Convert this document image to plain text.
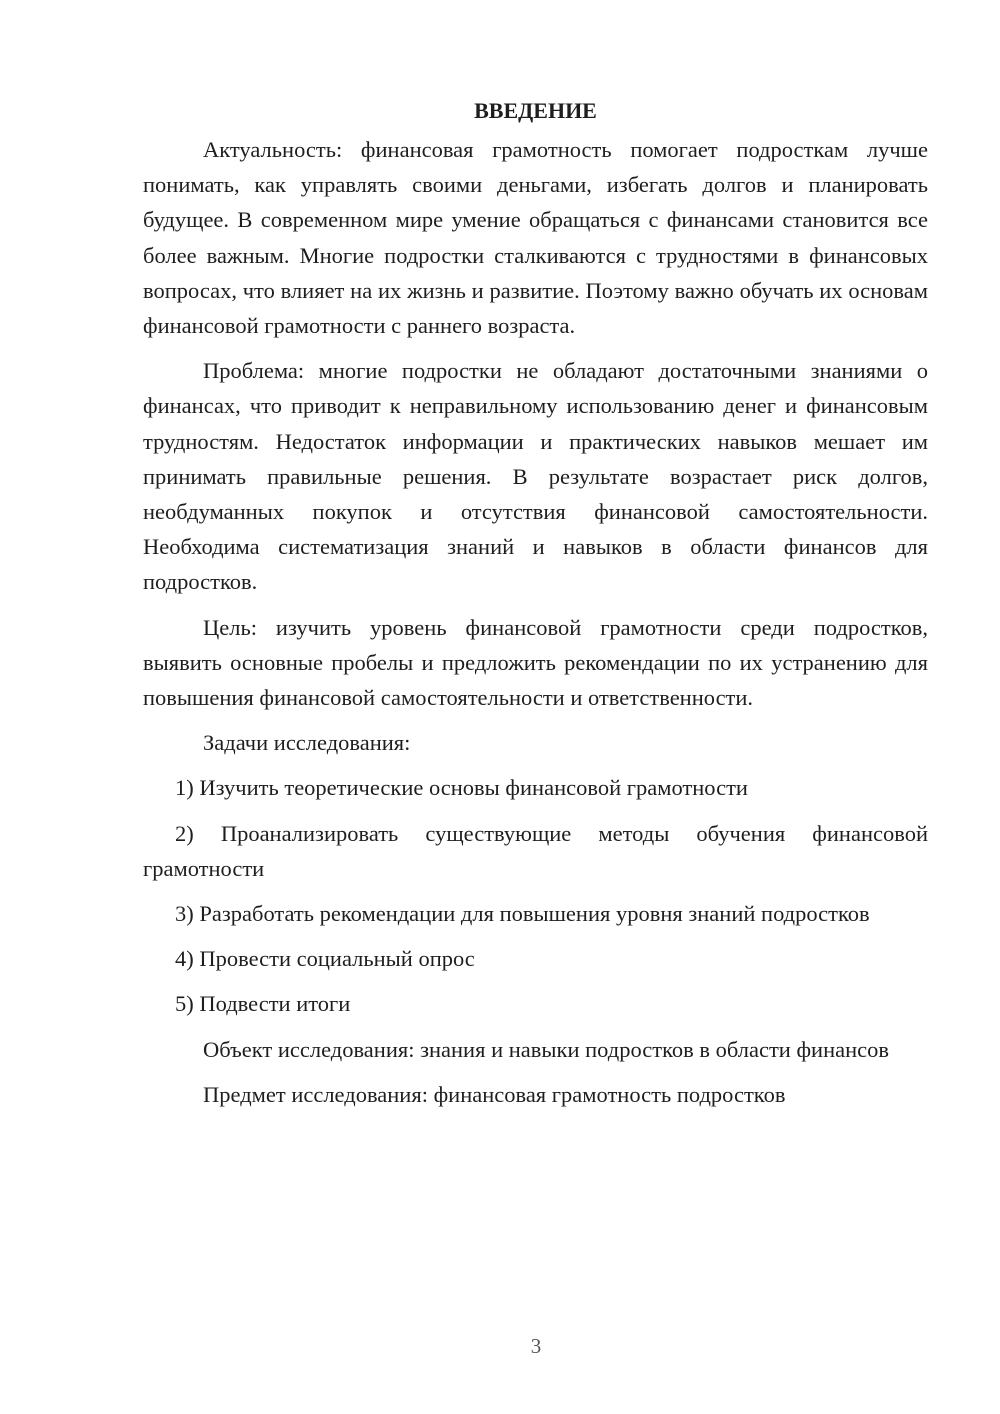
ВВЕДЕНИЕ

Актуальность: финансовая грамотность помогает подросткам лучше понимать, как управлять своими деньгами, избегать долгов и планировать будущее. В современном мире умение обращаться с финансами становится все более важным. Многие подростки сталкиваются с трудностями в финансовых вопросах, что влияет на их жизнь и развитие. Поэтому важно обучать их основам финансовой грамотности с раннего возраста.

Проблема: многие подростки не обладают достаточными знаниями о финансах, что приводит к неправильному использованию денег и финансовым трудностям. Недостаток информации и практических навыков мешает им принимать правильные решения. В результате возрастает риск долгов, необдуманных покупок и отсутствия финансовой самостоятельности. Необходима систематизация знаний и навыков в области финансов для подростков.

Цель: изучить уровень финансовой грамотности среди подростков, выявить основные пробелы и предложить рекомендации по их устранению для повышения финансовой самостоятельности и ответственности.

Задачи исследования:

1) Изучить теоретические основы финансовой грамотности

2) Проанализировать существующие методы обучения финансовой грамотности

3) Разработать рекомендации для повышения уровня знаний подростков

4) Провести социальный опрос

5) Подвести итоги

Объект исследования: знания и навыки подростков в области финансов

Предмет исследования: финансовая грамотность подростков

3
